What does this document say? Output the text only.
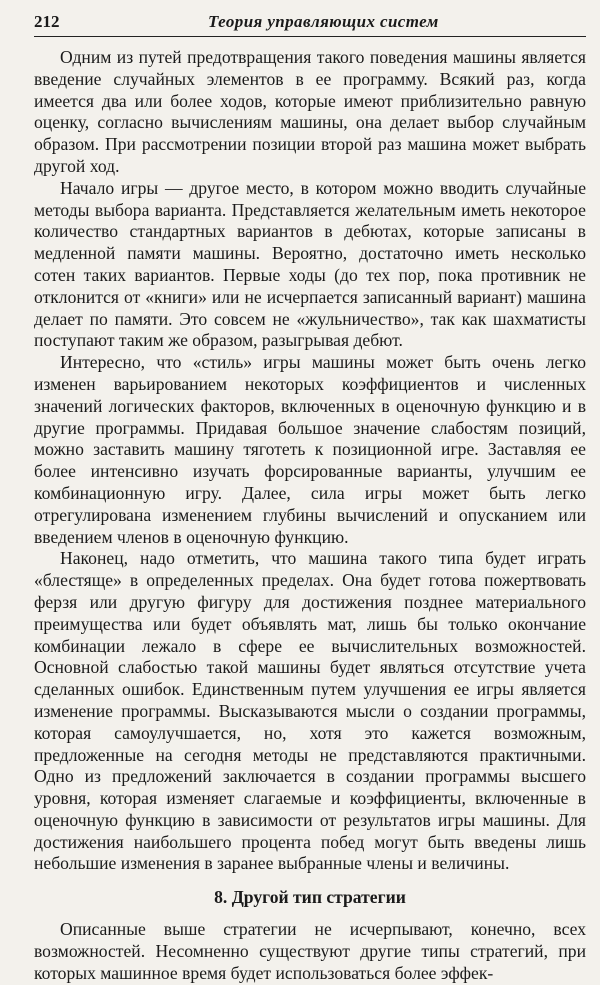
212	Теория управляющих систем

Одним из путей предотвращения такого поведения машины является введение случайных элементов в ее программу. Всякий раз, когда имеется два или более ходов, которые имеют приблизительно равную оценку, согласно вычислениям машины, она делает выбор случайным образом. При рассмотрении позиции второй раз машина может выбрать другой ход.

Начало игры — другое место, в котором можно вводить случайные методы выбора варианта. Представляется желательным иметь некоторое количество стандартных вариантов в дебютах, которые записаны в медленной памяти машины. Вероятно, достаточно иметь несколько сотен таких вариантов. Первые ходы (до тех пор, пока противник не отклонится от «книги» или не исчерпается записанный вариант) машина делает по памяти. Это совсем не «жульничество», так как шахматисты поступают таким же образом, разыгрывая дебют.

Интересно, что «стиль» игры машины может быть очень легко изменен варьированием некоторых коэффициентов и численных значений логических факторов, включенных в оценочную функцию и в другие программы. Придавая большое значение слабостям позиций, можно заставить машину тяготеть к позиционной игре. Заставляя ее более интенсивно изучать форсированные варианты, улучшим ее комбинационную игру. Далее, сила игры может быть легко отрегулирована изменением глубины вычислений и опусканием или введением членов в оценочную функцию.

Наконец, надо отметить, что машина такого типа будет играть «блестяще» в определенных пределах. Она будет готова пожертвовать ферзя или другую фигуру для достижения позднее материального преимущества или будет объявлять мат, лишь бы только окончание комбинации лежало в сфере ее вычислительных возможностей. Основной слабостью такой машины будет являться отсутствие учета сделанных ошибок. Единственным путем улучшения ее игры является изменение программы. Высказываются мысли о создании программы, которая самоулучшается, но, хотя это кажется возможным, предложенные на сегодня методы не представляются практичными. Одно из предложений заключается в создании программы высшего уровня, которая изменяет слагаемые и коэффициенты, включенные в оценочную функцию в зависимости от результатов игры машины. Для достижения наибольшего процента побед могут быть введены лишь небольшие изменения в заранее выбранные члены и величины.

8. Другой тип стратегии

Описанные выше стратегии не исчерпывают, конечно, всех возможностей. Несомненно существуют другие типы стратегий, при которых машинное время будет использоваться более эффек-
